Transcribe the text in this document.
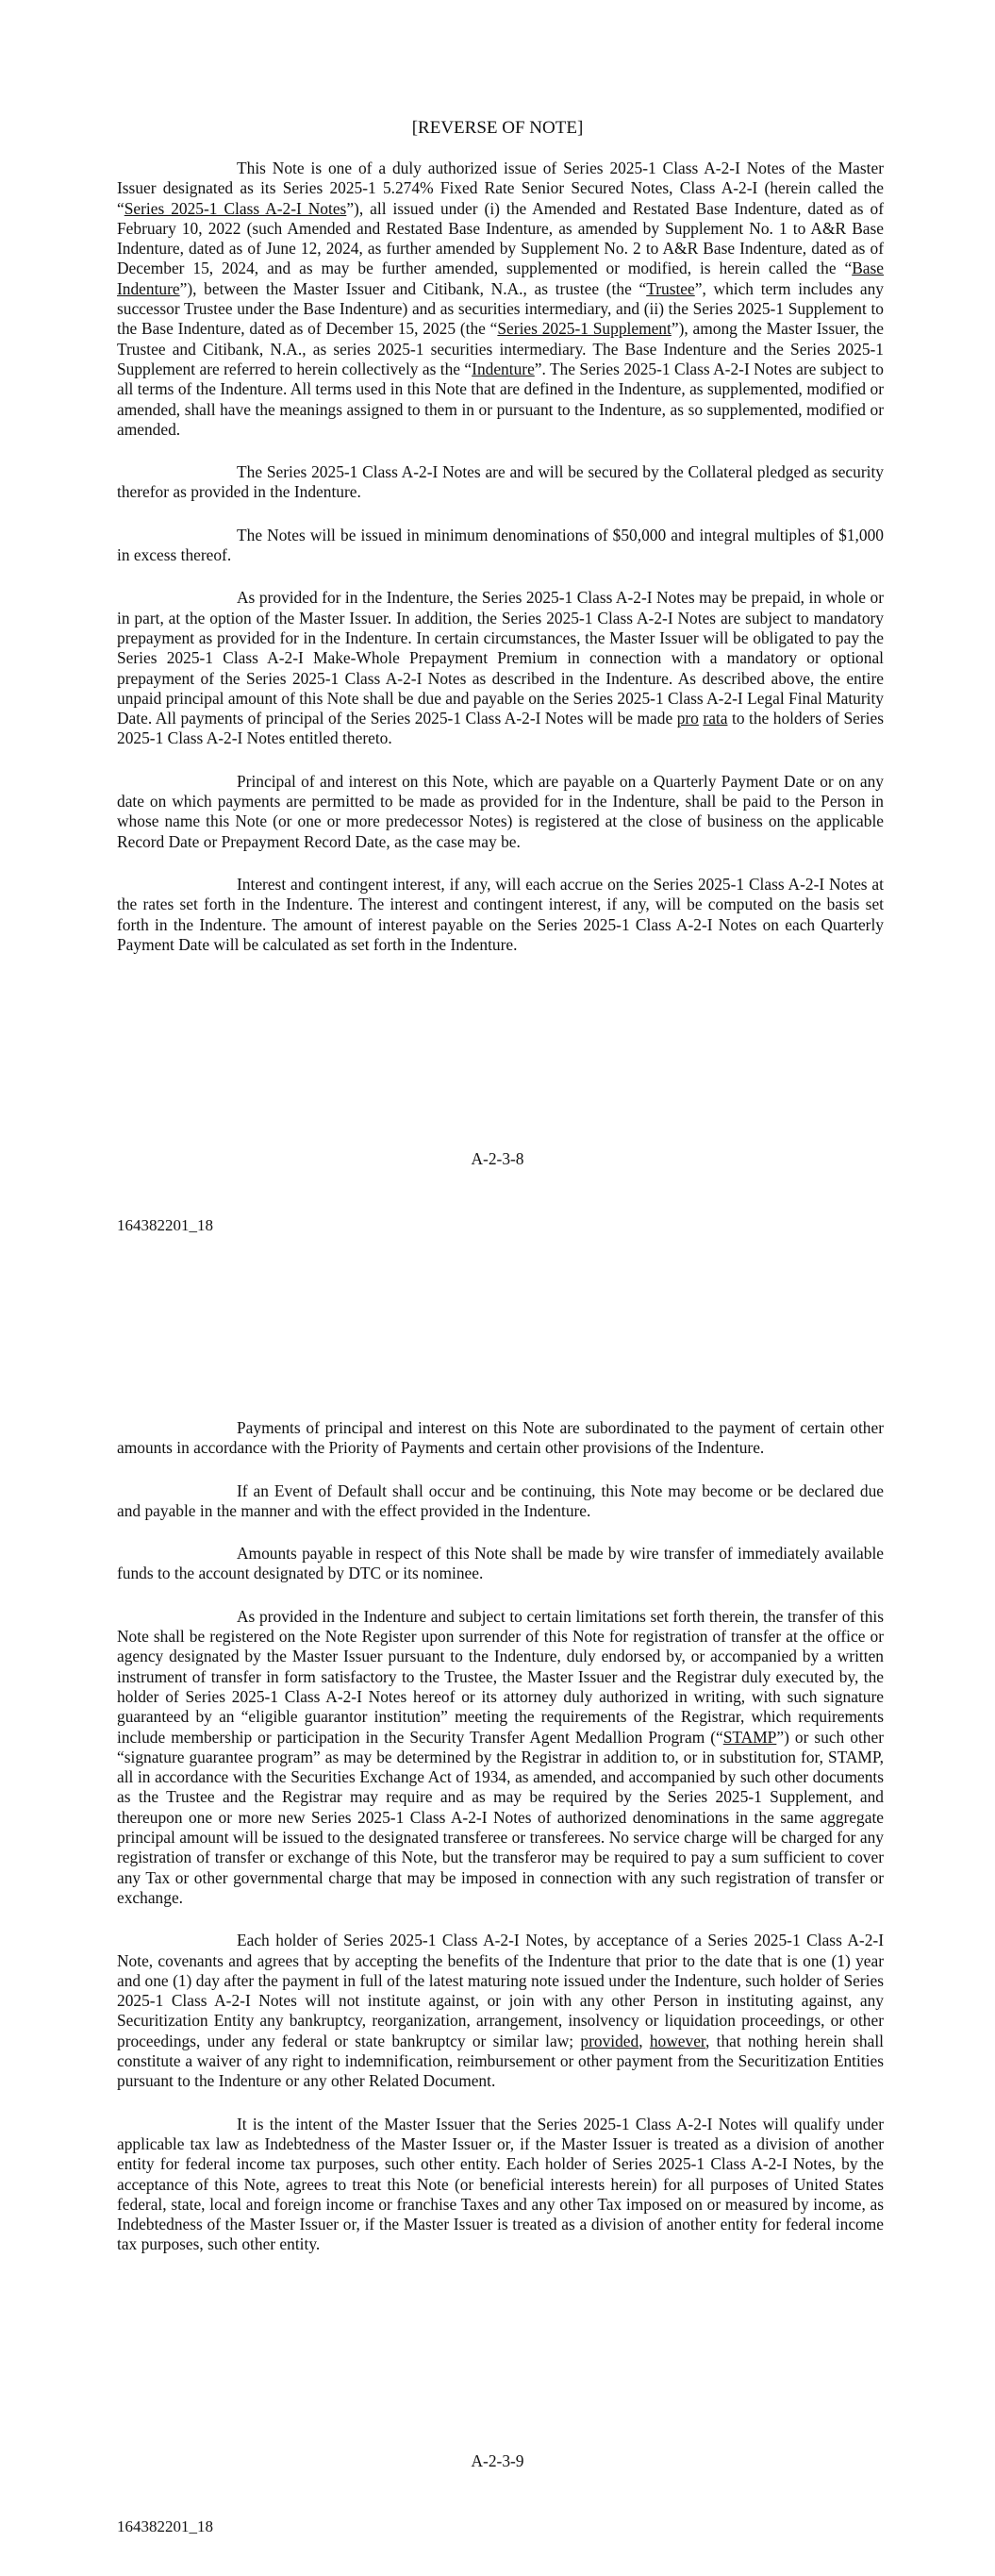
[REVERSE OF NOTE]

This Note is one of a duly authorized issue of Series 2025-1 Class A-2-I Notes of the Master Issuer designated as its Series 2025-1 5.274% Fixed Rate Senior Secured Notes, Class A-2-I (herein called the “Series 2025-1 Class A-2-I Notes”), all issued under (i) the Amended and Restated Base Indenture, dated as of February 10, 2022 (such Amended and Restated Base Indenture, as amended by Supplement No. 1 to A&R Base Indenture, dated as of June 12, 2024, as further amended by Supplement No. 2 to A&R Base Indenture, dated as of December 15, 2024, and as may be further amended, supplemented or modified, is herein called the “Base Indenture”), between the Master Issuer and Citibank, N.A., as trustee (the “Trustee”, which term includes any successor Trustee under the Base Indenture) and as securities intermediary, and (ii) the Series 2025-1 Supplement to the Base Indenture, dated as of December 15, 2025 (the “Series 2025-1 Supplement”), among the Master Issuer, the Trustee and Citibank, N.A., as series 2025-1 securities intermediary. The Base Indenture and the Series 2025-1 Supplement are referred to herein collectively as the “Indenture”. The Series 2025-1 Class A-2-I Notes are subject to all terms of the Indenture. All terms used in this Note that are defined in the Indenture, as supplemented, modified or amended, shall have the meanings assigned to them in or pursuant to the Indenture, as so supplemented, modified or amended.

The Series 2025-1 Class A-2-I Notes are and will be secured by the Collateral pledged as security therefor as provided in the Indenture.

The Notes will be issued in minimum denominations of $50,000 and integral multiples of $1,000 in excess thereof.

As provided for in the Indenture, the Series 2025-1 Class A-2-I Notes may be prepaid, in whole or in part, at the option of the Master Issuer. In addition, the Series 2025-1 Class A-2-I Notes are subject to mandatory prepayment as provided for in the Indenture. In certain circumstances, the Master Issuer will be obligated to pay the Series 2025-1 Class A-2-I Make-Whole Prepayment Premium in connection with a mandatory or optional prepayment of the Series 2025-1 Class A-2-I Notes as described in the Indenture. As described above, the entire unpaid principal amount of this Note shall be due and payable on the Series 2025-1 Class A-2-I Legal Final Maturity Date. All payments of principal of the Series 2025-1 Class A-2-I Notes will be made pro rata to the holders of Series 2025-1 Class A-2-I Notes entitled thereto.

Principal of and interest on this Note, which are payable on a Quarterly Payment Date or on any date on which payments are permitted to be made as provided for in the Indenture, shall be paid to the Person in whose name this Note (or one or more predecessor Notes) is registered at the close of business on the applicable Record Date or Prepayment Record Date, as the case may be.

Interest and contingent interest, if any, will each accrue on the Series 2025-1 Class A-2-I Notes at the rates set forth in the Indenture. The interest and contingent interest, if any, will be computed on the basis set forth in the Indenture. The amount of interest payable on the Series 2025-1 Class A-2-I Notes on each Quarterly Payment Date will be calculated as set forth in the Indenture.

A-2-3-8

164382201_18

Payments of principal and interest on this Note are subordinated to the payment of certain other amounts in accordance with the Priority of Payments and certain other provisions of the Indenture.

If an Event of Default shall occur and be continuing, this Note may become or be declared due and payable in the manner and with the effect provided in the Indenture.

Amounts payable in respect of this Note shall be made by wire transfer of immediately available funds to the account designated by DTC or its nominee.

As provided in the Indenture and subject to certain limitations set forth therein, the transfer of this Note shall be registered on the Note Register upon surrender of this Note for registration of transfer at the office or agency designated by the Master Issuer pursuant to the Indenture, duly endorsed by, or accompanied by a written instrument of transfer in form satisfactory to the Trustee, the Master Issuer and the Registrar duly executed by, the holder of Series 2025-1 Class A-2-I Notes hereof or its attorney duly authorized in writing, with such signature guaranteed by an “eligible guarantor institution” meeting the requirements of the Registrar, which requirements include membership or participation in the Security Transfer Agent Medallion Program (“STAMP”) or such other “signature guarantee program” as may be determined by the Registrar in addition to, or in substitution for, STAMP, all in accordance with the Securities Exchange Act of 1934, as amended, and accompanied by such other documents as the Trustee and the Registrar may require and as may be required by the Series 2025-1 Supplement, and thereupon one or more new Series 2025-1 Class A-2-I Notes of authorized denominations in the same aggregate principal amount will be issued to the designated transferee or transferees. No service charge will be charged for any registration of transfer or exchange of this Note, but the transferor may be required to pay a sum sufficient to cover any Tax or other governmental charge that may be imposed in connection with any such registration of transfer or exchange.

Each holder of Series 2025-1 Class A-2-I Notes, by acceptance of a Series 2025-1 Class A-2-I Note, covenants and agrees that by accepting the benefits of the Indenture that prior to the date that is one (1) year and one (1) day after the payment in full of the latest maturing note issued under the Indenture, such holder of Series 2025-1 Class A-2-I Notes will not institute against, or join with any other Person in instituting against, any Securitization Entity any bankruptcy, reorganization, arrangement, insolvency or liquidation proceedings, or other proceedings, under any federal or state bankruptcy or similar law; provided, however, that nothing herein shall constitute a waiver of any right to indemnification, reimbursement or other payment from the Securitization Entities pursuant to the Indenture or any other Related Document.

It is the intent of the Master Issuer that the Series 2025-1 Class A-2-I Notes will qualify under applicable tax law as Indebtedness of the Master Issuer or, if the Master Issuer is treated as a division of another entity for federal income tax purposes, such other entity. Each holder of Series 2025-1 Class A-2-I Notes, by the acceptance of this Note, agrees to treat this Note (or beneficial interests herein) for all purposes of United States federal, state, local and foreign income or franchise Taxes and any other Tax imposed on or measured by income, as Indebtedness of the Master Issuer or, if the Master Issuer is treated as a division of another entity for federal income tax purposes, such other entity.

A-2-3-9

164382201_18
